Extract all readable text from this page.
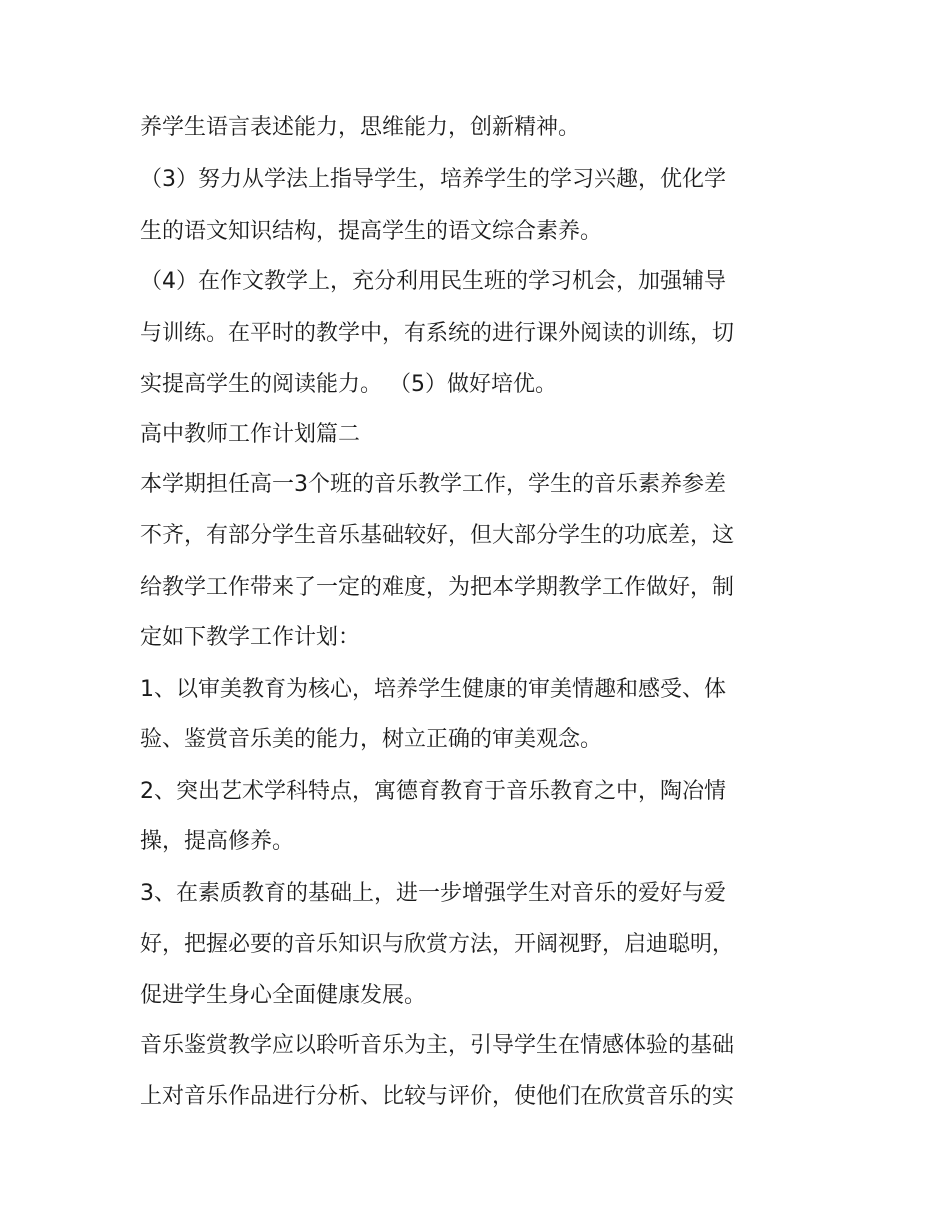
养学生语言表述能力，思维能力，创新精神。
（3）努力从学法上指导学生，培养学生的学习兴趣，优化学
生的语文知识结构，提高学生的语文综合素养。
（4）在作文教学上，充分利用民生班的学习机会，加强辅导
与训练。在平时的教学中，有系统的进行课外阅读的训练，切
实提高学生的阅读能力。 （5）做好培优。
高中教师工作计划篇二
本学期担任高一3个班的音乐教学工作，学生的音乐素养参差
不齐，有部分学生音乐基础较好，但大部分学生的功底差，这
给教学工作带来了一定的难度，为把本学期教学工作做好，制
定如下教学工作计划：
1、以审美教育为核心，培养学生健康的审美情趣和感受、体
验、鉴赏音乐美的能力，树立正确的审美观念。
2、突出艺术学科特点，寓德育教育于音乐教育之中，陶冶情
操，提高修养。
3、在素质教育的基础上，进一步增强学生对音乐的爱好与爱
好，把握必要的音乐知识与欣赏方法，开阔视野，启迪聪明，
促进学生身心全面健康发展。
音乐鉴赏教学应以聆听音乐为主，引导学生在情感体验的基础
上对音乐作品进行分析、比较与评价，使他们在欣赏音乐的实
